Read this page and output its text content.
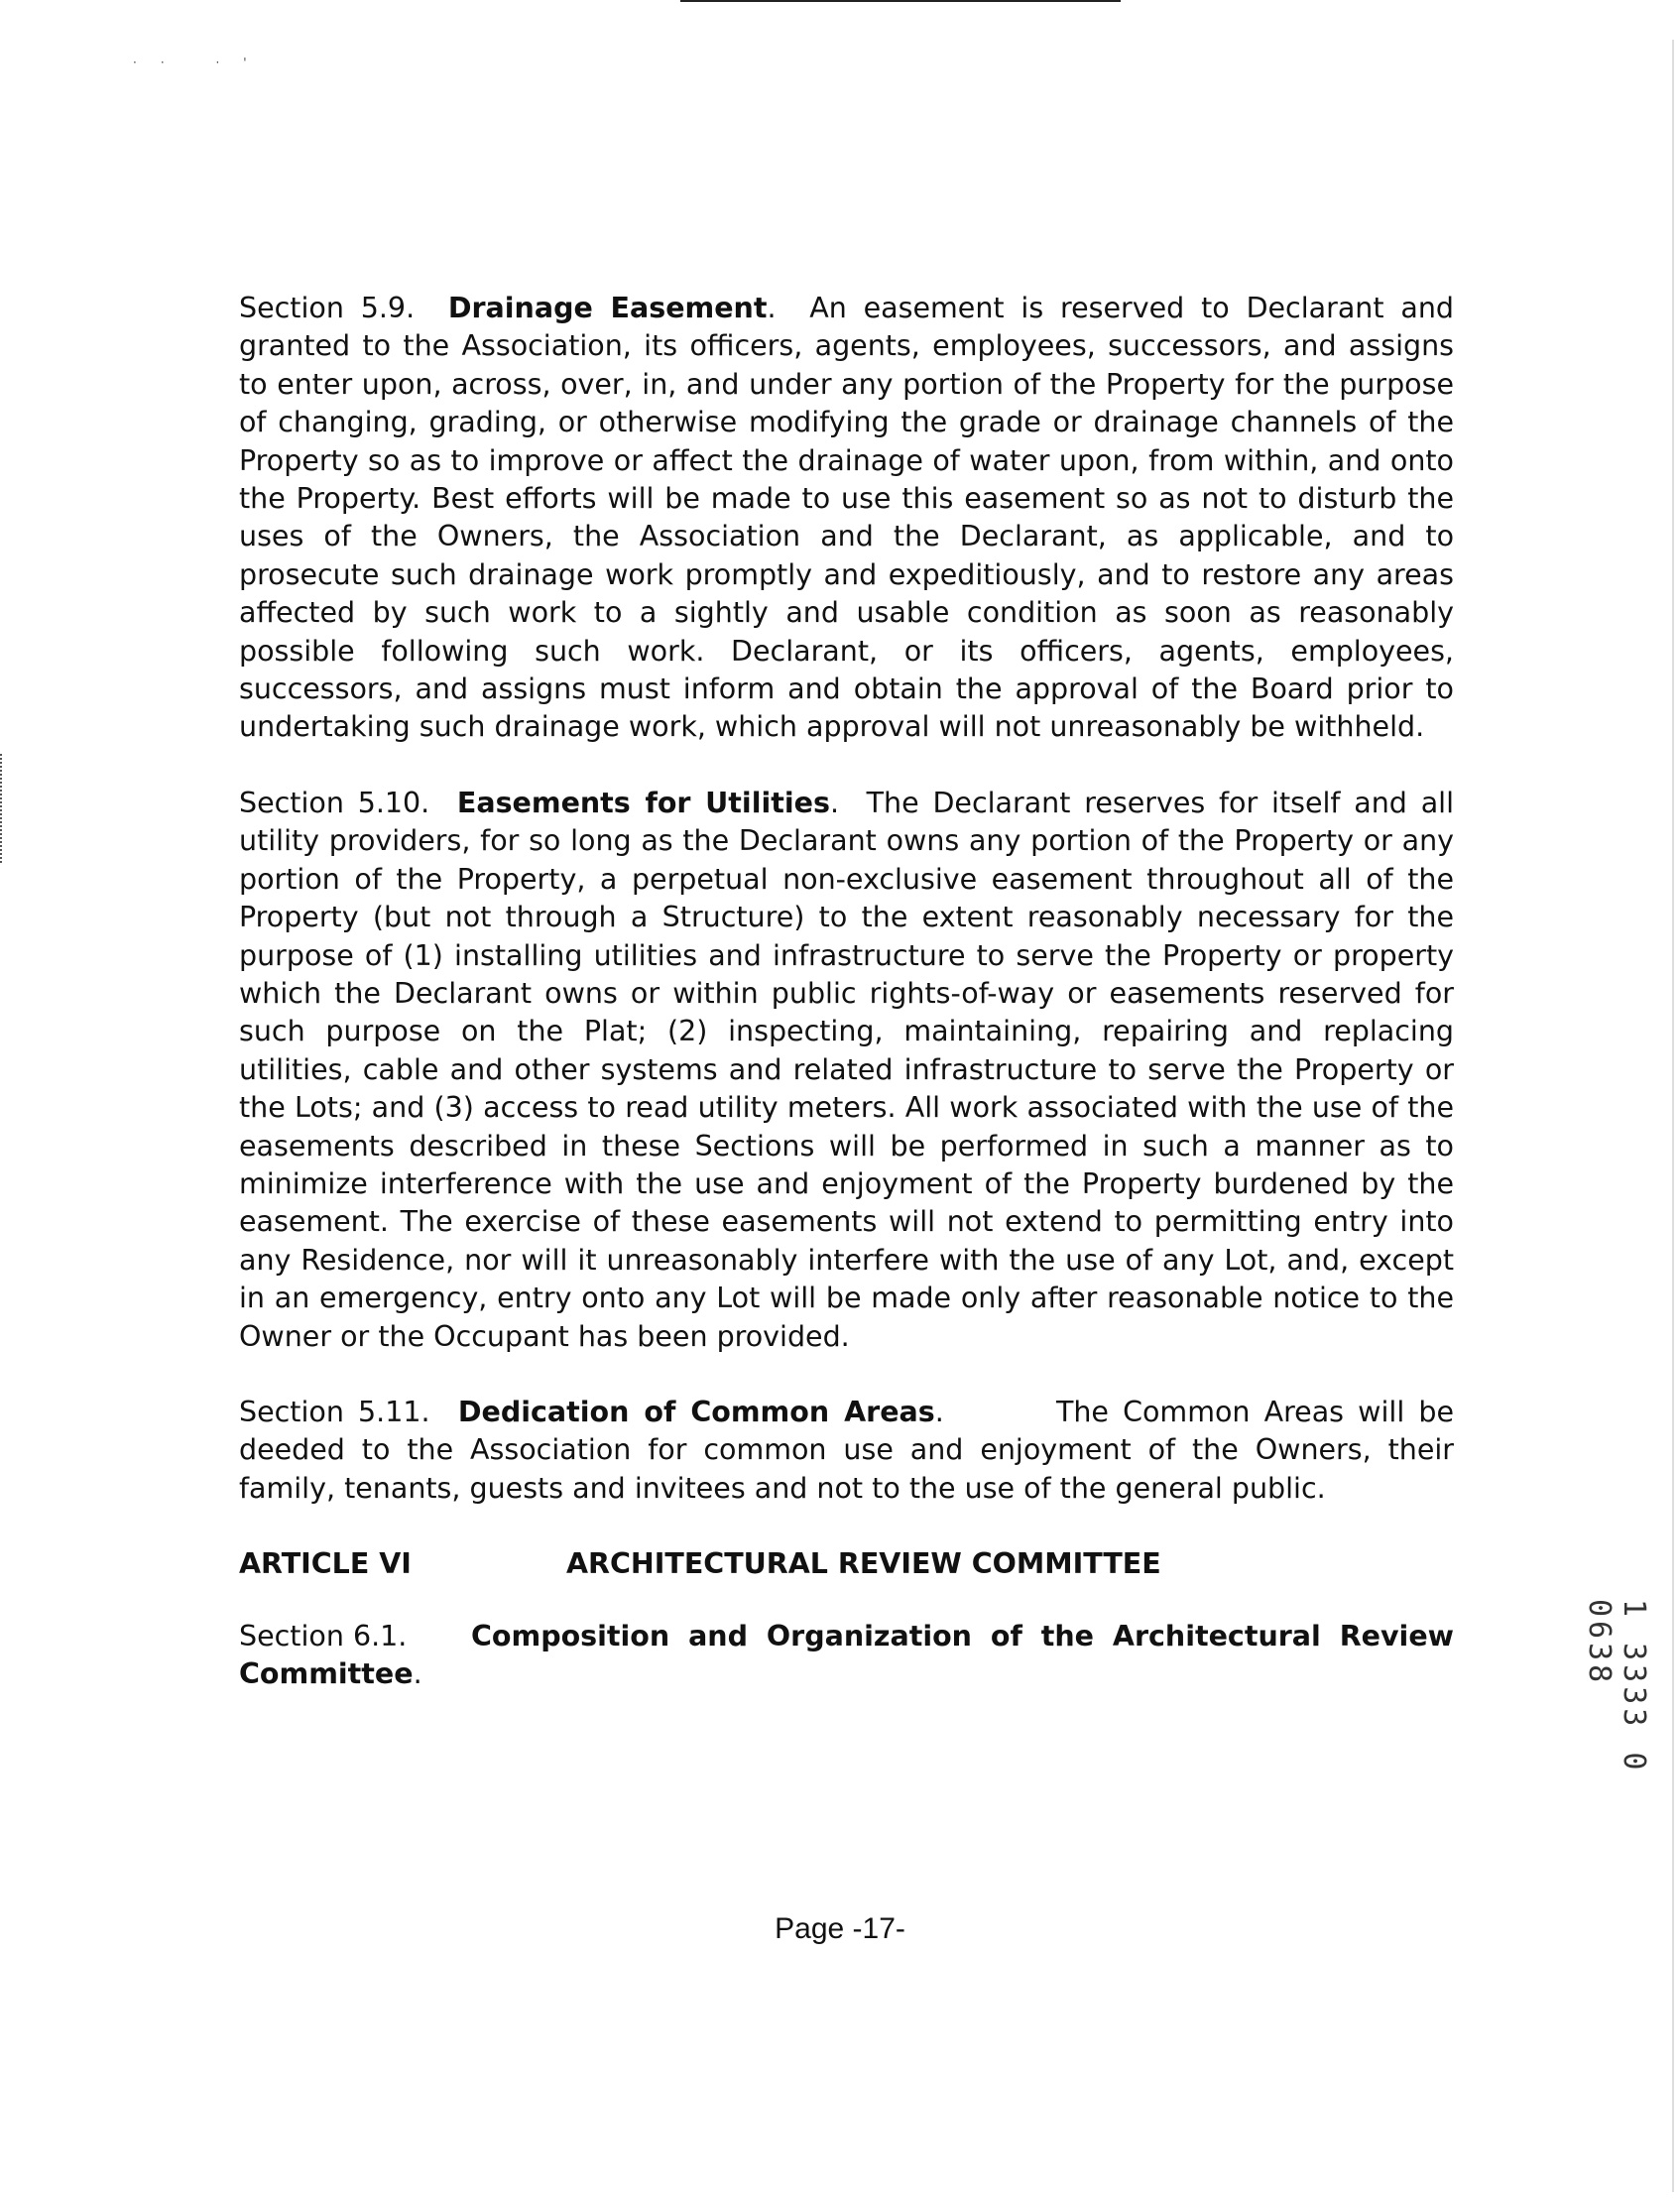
·· ·'

Section 5.9. Drainage Easement.  An easement is reserved to Declarant and granted to the Association, its officers, agents, employees, successors, and assigns to enter upon, across, over, in, and under any portion of the Property for the purpose of changing, grading, or otherwise modifying the grade or drainage channels of the Property so as to improve or affect the drainage of water upon, from within, and onto the Property. Best efforts will be made to use this easement so as not to disturb the uses of the Owners, the Association and the Declarant, as applicable, and to prosecute such drainage work promptly and expeditiously, and to restore any areas affected by such work to a sightly and usable condition as soon as reasonably possible following such work. Declarant, or its officers, agents, employees, successors, and assigns must inform and obtain the approval of the Board prior to undertaking such drainage work, which approval will not unreasonably be withheld.

Section 5.10. Easements for Utilities.  The Declarant reserves for itself and all utility providers, for so long as the Declarant owns any portion of the Property or any portion of the Property, a perpetual non-exclusive easement throughout all of the Property (but not through a Structure) to the extent reasonably necessary for the purpose of (1) installing utilities and infrastructure to serve the Property or property which the Declarant owns or within public rights-of-way or easements reserved for such purpose on the Plat; (2) inspecting, maintaining, repairing and replacing utilities, cable and other systems and related infrastructure to serve the Property or the Lots; and (3) access to read utility meters. All work associated with the use of the easements described in these Sections will be performed in such a manner as to minimize interference with the use and enjoyment of the Property burdened by the easement. The exercise of these easements will not extend to permitting entry into any Residence, nor will it unreasonably interfere with the use of any Lot, and, except in an emergency, entry onto any Lot will be made only after reasonable notice to the Owner or the Occupant has been provided.

Section 5.11. Dedication of Common Areas.        The Common Areas will be deeded to the Association for common use and enjoyment of the Owners, their family, tenants, guests and invitees and not to the use of the general public.

ARTICLE VI	ARCHITECTURAL REVIEW COMMITTEE

Section 6.1. Composition and Organization of the Architectural Review Committee.

Page -17-
1 3333 0 0638
